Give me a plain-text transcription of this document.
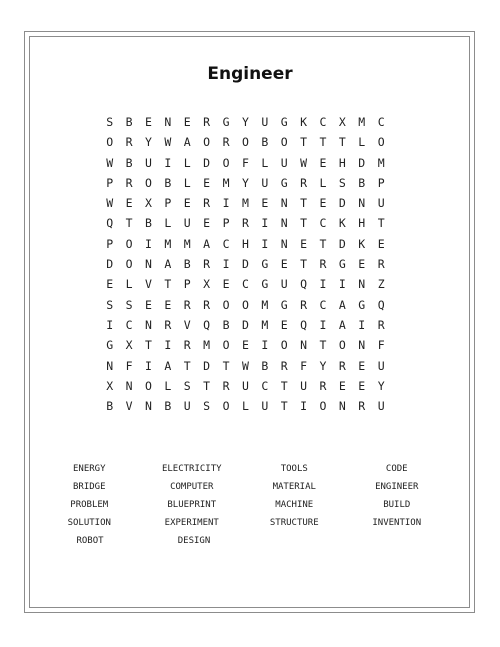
Engineer
S	B	E	N	E	R	G	Y	U	G	K	C	X	M	C
O	R	Y	W	A	O	R	O	B	O	T	T	T	L	O
W	B	U	I	L	D	O	F	L	U	W	E	H	D	M
P	R	O	B	L	E	M	Y	U	G	R	L	S	B	P
W	E	X	P	E	R	I	M	E	N	T	E	D	N	U
Q	T	B	L	U	E	P	R	I	N	T	C	K	H	T
P	O	I	M	M	A	C	H	I	N	E	T	D	K	E
D	O	N	A	B	R	I	D	G	E	T	R	G	E	R
E	L	V	T	P	X	E	C	G	U	Q	I	I	N	Z
S	S	E	E	R	R	O	O	M	G	R	C	A	G	Q
I	C	N	R	V	Q	B	D	M	E	Q	I	A	I	R
G	X	T	I	R	M	O	E	I	O	N	T	O	N	F
N	F	I	A	T	D	T	W	B	R	F	Y	R	E	U
X	N	O	L	S	T	R	U	C	T	U	R	E	E	Y
B	V	N	B	U	S	O	L	U	T	I	O	N	R	U
ENERGY	ELECTRICITY	TOOLS	CODE
BRIDGE	COMPUTER	MATERIAL	ENGINEER
PROBLEM	BLUEPRINT	MACHINE	BUILD
SOLUTION	EXPERIMENT	STRUCTURE	INVENTION
ROBOT	DESIGN
